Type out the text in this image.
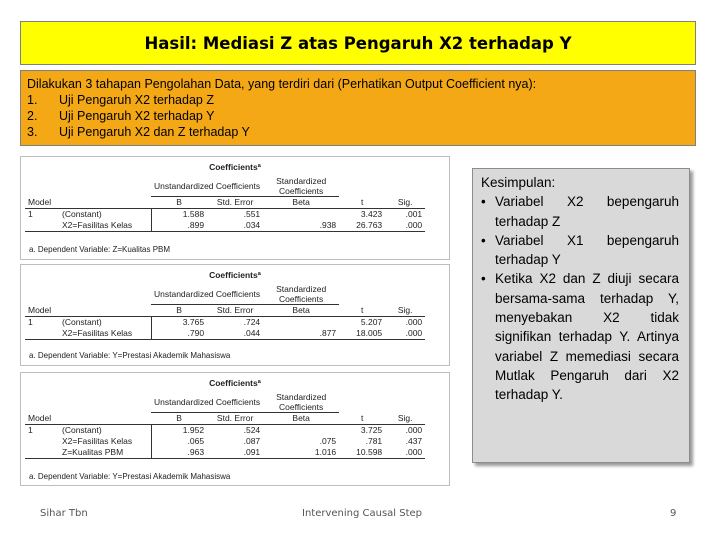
Hasil: Mediasi Z atas Pengaruh X2 terhadap Y
Dilakukan 3 tahapan Pengolahan Data, yang terdiri dari (Perhatikan Output Coefficient nya):
1.	Uji Pengaruh X2 terhadap Z
2.	Uji Pengaruh X2 terhadap Y
3.	Uji Pengaruh X2 dan Z terhadap Y
Coefficientsª
		Unstandardized Coefficients		Standardized Coefficients		
Model		B	Std. Error	Beta	t	Sig.
1	(Constant)	1.588	.551		3.423	.001
	X2=Fasilitas Kelas	.899	.034	.938	26.763	.000
a. Dependent Variable: Z=Kualitas PBM
Coefficientsª
		Unstandardized Coefficients		Standardized Coefficients		
Model		B	Std. Error	Beta	t	Sig.
1	(Constant)	3.765	.724		5.207	.000
	X2=Fasilitas Kelas	.790	.044	.877	18.005	.000
a. Dependent Variable: Y=Prestasi Akademik Mahasiswa
Coefficientsª
		Unstandardized Coefficients		Standardized Coefficients		
Model		B	Std. Error	Beta	t	Sig.
1	(Constant)	1.952	.524		3.725	.000
	X2=Fasilitas Kelas	.065	.087	.075	.781	.437
	Z=Kualitas PBM	.963	.091	1.016	10.598	.000
a. Dependent Variable: Y=Prestasi Akademik Mahasiswa
Kesimpulan:
• Variabel X2 bepengaruh terhadap Z
• Variabel X1 bepengaruh terhadap Y
• Ketika X2 dan Z diuji secara bersama-sama terhadap Y, menyebakan X2 tidak signifikan terhadap Y. Artinya variabel Z memediasi secara Mutlak Pengaruh dari X2 terhadap Y.
Sihar Tbn	Intervening Causal Step	9
